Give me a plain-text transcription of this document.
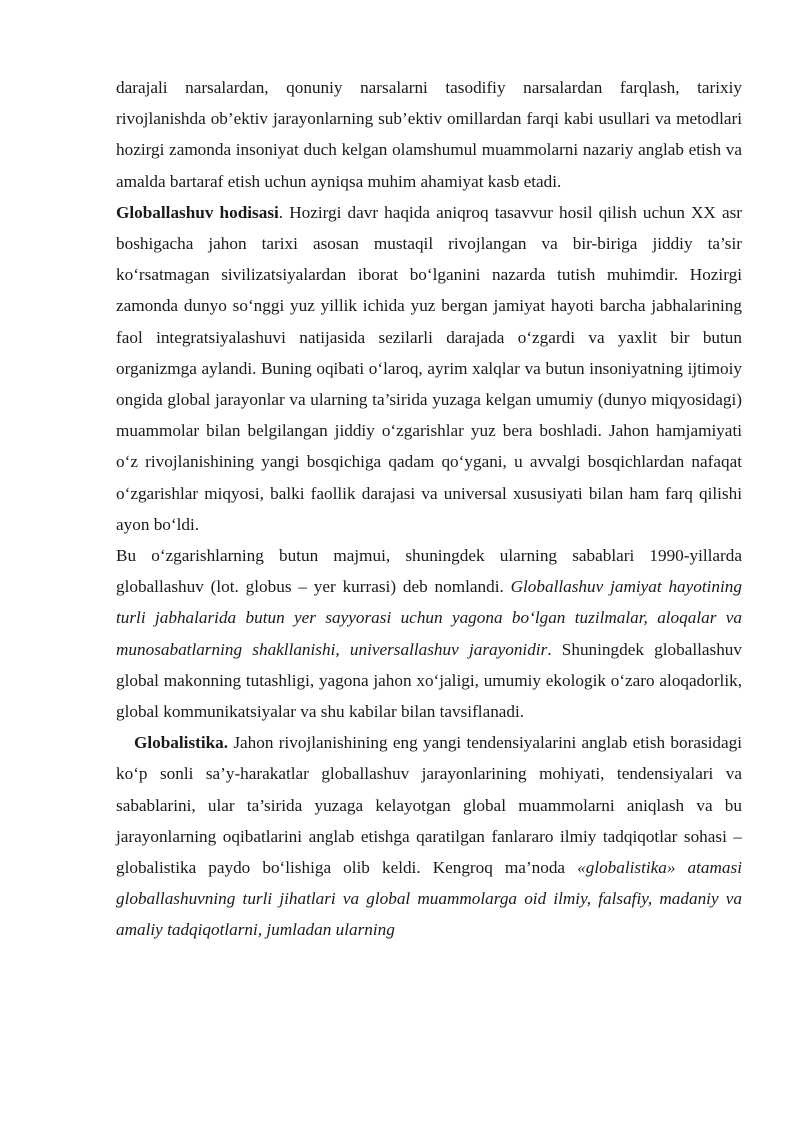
darajali narsalardan, qonuniy narsalarni tasodifiy narsalardan farqlash, tarixiy rivojlanishda ob’ektiv jarayonlarning sub’ektiv omillardan farqi kabi usullari va metodlari hozirgi zamonda insoniyat duch kelgan olamshumul muammolarni nazariy anglab etish va amalda bartaraf etish uchun ayniqsa muhim ahamiyat kasb etadi.

Globallashuv hodisasi. Hozirgi davr haqida aniqroq tasavvur hosil qilish uchun XX asr boshigacha jahon tarixi asosan mustaqil rivojlangan va bir-biriga jiddiy ta’sir ko‘rsatmagan sivilizatsiyalardan iborat bo‘lganini nazarda tutish muhimdir. Hozirgi zamonda dunyo so‘nggi yuz yillik ichida yuz bergan jamiyat hayoti barcha jabhalarining faol integratsiyalashuvi natijasida sezilarli darajada o‘zgardi va yaxlit bir butun organizmga aylandi. Buning oqibati o‘laroq, ayrim xalqlar va butun insoniyatning ijtimoiy ongida global jarayonlar va ularning ta’sirida yuzaga kelgan umumiy (dunyo miqyosidagi) muammolar bilan belgilangan jiddiy o‘zgarishlar yuz bera boshladi. Jahon hamjamiyati o‘z rivojlanishining yangi bosqichiga qadam qo‘ygani, u avvalgi bosqichlardan nafaqat o‘zgarishlar miqyosi, balki faollik darajasi va universal xususiyati bilan ham farq qilishi ayon bo‘ldi.

Bu o‘zgarishlarning butun majmui, shuningdek ularning sabablari 1990-yillarda globallashuv (lot. globus – yer kurrasi) deb nomlandi. Globallashuv jamiyat hayotining turli jabhalarida butun yer sayyorasi uchun yagona bo‘lgan tuzilmalar, aloqalar va munosabatlarning shakllanishi, universallashuv jarayonidir. Shuningdek globallashuv global makonning tutashligi, yagona jahon xo‘jaligi, umumiy ekologik o‘zaro aloqadorlik, global kommunikatsiyalar va shu kabilar bilan tavsiflanadi.

Globalistika. Jahon rivojlanishining eng yangi tendensiyalarini anglab etish borasidagi ko‘p sonli sa’y-harakatlar globallashuv jarayonlarining mohiyati, tendensiyalari va sabablarini, ular ta’sirida yuzaga kelayotgan global muammolarni aniqlash va bu jarayonlarning oqibatlarini anglab etishga qaratilgan fanlararo ilmiy tadqiqotlar sohasi – globalistika paydo bo‘lishiga olib keldi. Kengroq ma’noda «globalistika» atamasi globallashuvning turli jihatlari va global muammolarga oid ilmiy, falsafiy, madaniy va amaliy tadqiqotlarni, jumladan ularning
